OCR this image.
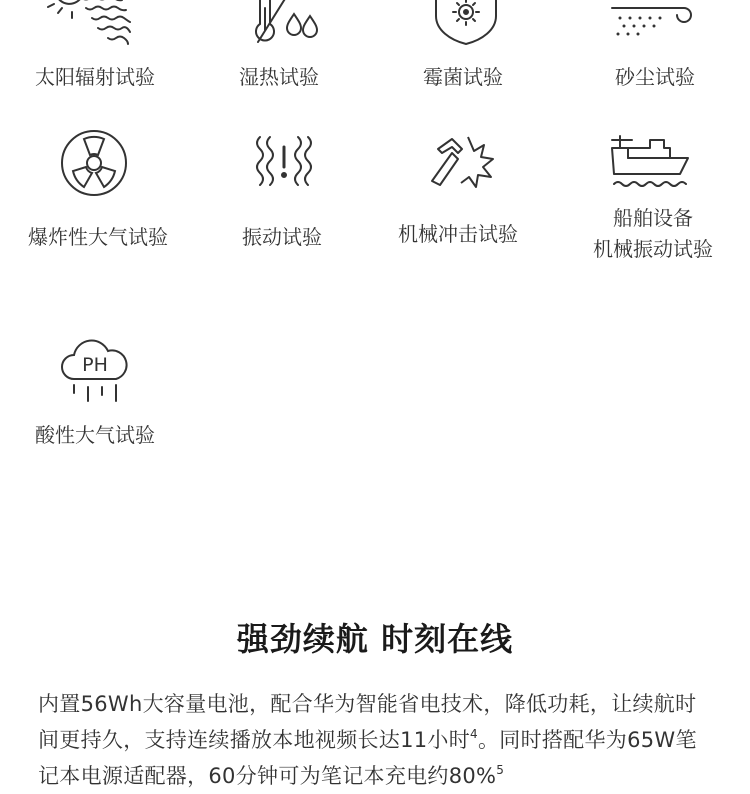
太阳辐射试验	湿热试验	霉菌试验	砂尘试验
爆炸性大气试验	振动试验	机械冲击试验
船舶设备
机械振动试验
PH
酸性大气试验
强劲续航 时刻在线
内置56Wh大容量电池，配合华为智能省电技术，降低功耗，让续航时间更持久，支持连续播放本地视频长达11小时$^4$。同时搭配华为65W笔记本电源适配器，60分钟可为笔记本充电约80%$^5$
